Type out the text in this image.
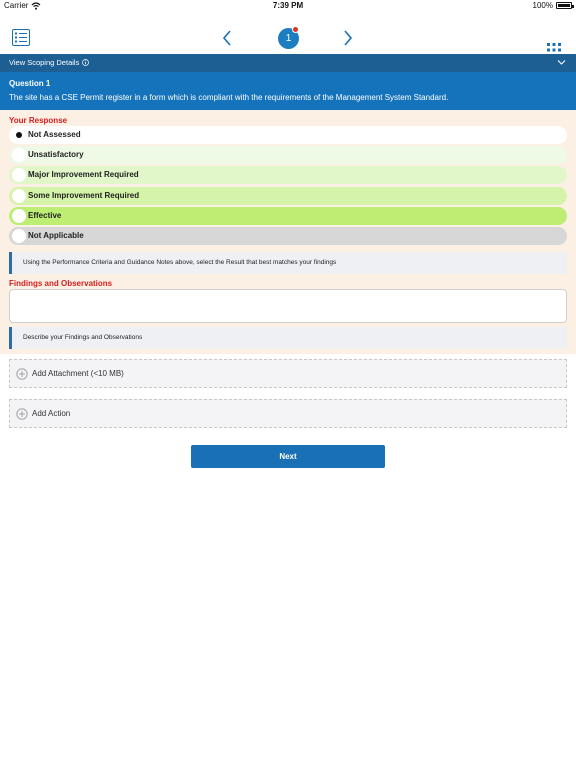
Carrier	7:39 PM	100%
1
View Scoping Details
Question 1
The site has a CSE Permit register in a form which is compliant with the requirements of the Management System Standard.
Your Response
Not Assessed
Unsatisfactory
Major Improvement Required
Some Improvement Required
Effective
Not Applicable
Using the Performance Criteria and Guidance Notes above, select the Result that best matches your findings
Findings and Observations
Describe your Findings and Observations
Add Attachment (<10 MB)
Add Action
Next
